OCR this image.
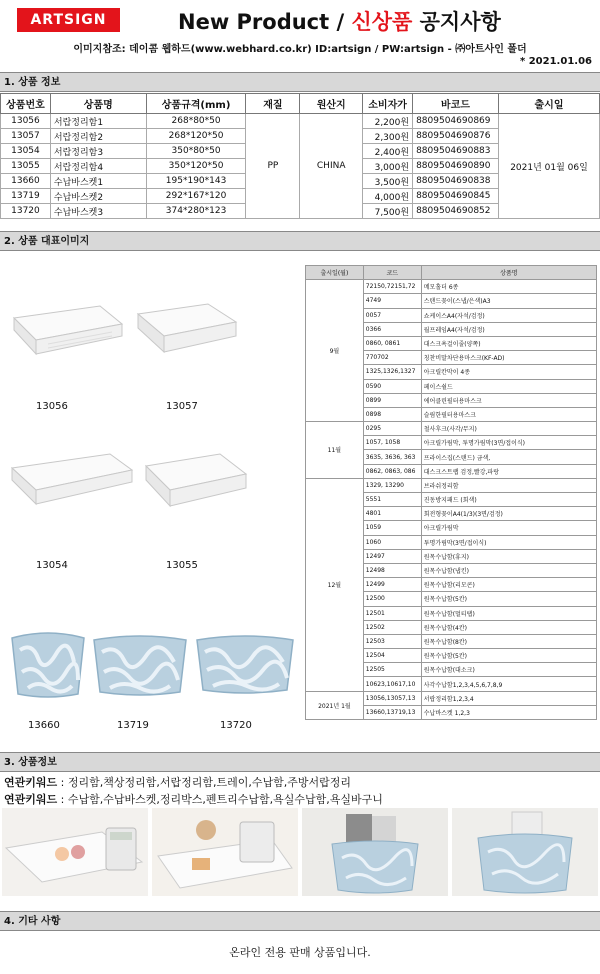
ARTSIGN	New Product / 신상품 공지사항
이미지참조: 데이콤 웹하드(www.webhard.co.kr) ID:artsign / PW:artsign - ㈜아트사인 폴더
* 2021.01.06
1. 상품 정보
상품번호	상품명	상품규격(mm)	재질	원산지	소비자가	바코드	출시일
13056	서랍정리함1	268*80*50	PP	CHINA	2,200원	8809504690869	2021년 01월 06일
13057	서랍정리함2	268*120*50			2,300원	8809504690876	
13054	서랍정리함3	350*80*50			2,400원	8809504690883	
13055	서랍정리함4	350*120*50			3,000원	8809504690890	
13660	수납바스켓1	195*190*143			3,500원	8809504690838	
13719	수납바스켓2	292*167*120			4,000원	8809504690845	
13720	수납바스켓3	374*280*123			7,500원	8809504690852	
2. 상품 대표이미지
13056	13057
13054	13055
13660	13719	13720
출시일(월)	코드	상품명
9월	72150,72151,72	메모홀더 6종
	4749	스탠드꽂이(스냅/은색)A3
	0057	쇼케이스A4(자석/검정)
	0366	월프레임A4(자석/검정)
	0860, 0861	대스크욕걸이줄(양쪽)
	770702	칭찬비말차단용마스크(KF-AD)
	1325,1326,1327	아크릴칸막이 4종
	0590	페이스쉴드
	0899	에어클린필터용마스크
	0898	슬림한필터용마스크
11월	0295	철사후크(사각/무지)
	1057, 1058	아크릴가림막, 투명가림막(3면/접이식)
	3635, 3636, 363	프라이스집(스탠드) 금색,
	0862, 0863, 086	대스크스트랩 검정,빨강,파랑
12월	1329, 13290	브라쉬정리함
	5551	진동방지패드 (회색)
	4801	회전형꽂이A4(1/3)(3면/검정)
	1059	아크릴가림막
	1060	투명가림막(3면/접이식)
	12497	원목수납함(휴지)
	12498	원목수납함(냅킨)
	12499	원목수납함(리모콘)
	12500	원목수납함(5칸)
	12501	원목수납함(멀티탭)
	12502	원목수납함(4칸)
	12503	원목수납함(8칸)
	12504	원목수납함(5칸)
	12505	원목수납함(대소크)
	10623,10617,10	사각수납함1,2,3,4,5,6,7,8,9
2021년 1월	13056,13057,13	서랍정리함1,2,3,4
	13660,13719,13	수납바스켓 1,2,3
3. 상품정보
연관키워드 : 정리함,책상정리함,서랍정리함,트레이,수납함,주방서랍정리
연관키워드 : 수납함,수납바스켓,정리박스,펜트리수납함,욕실수납함,욕실바구니
4. 기타 사항
온라인 전용 판매 상품입니다.
